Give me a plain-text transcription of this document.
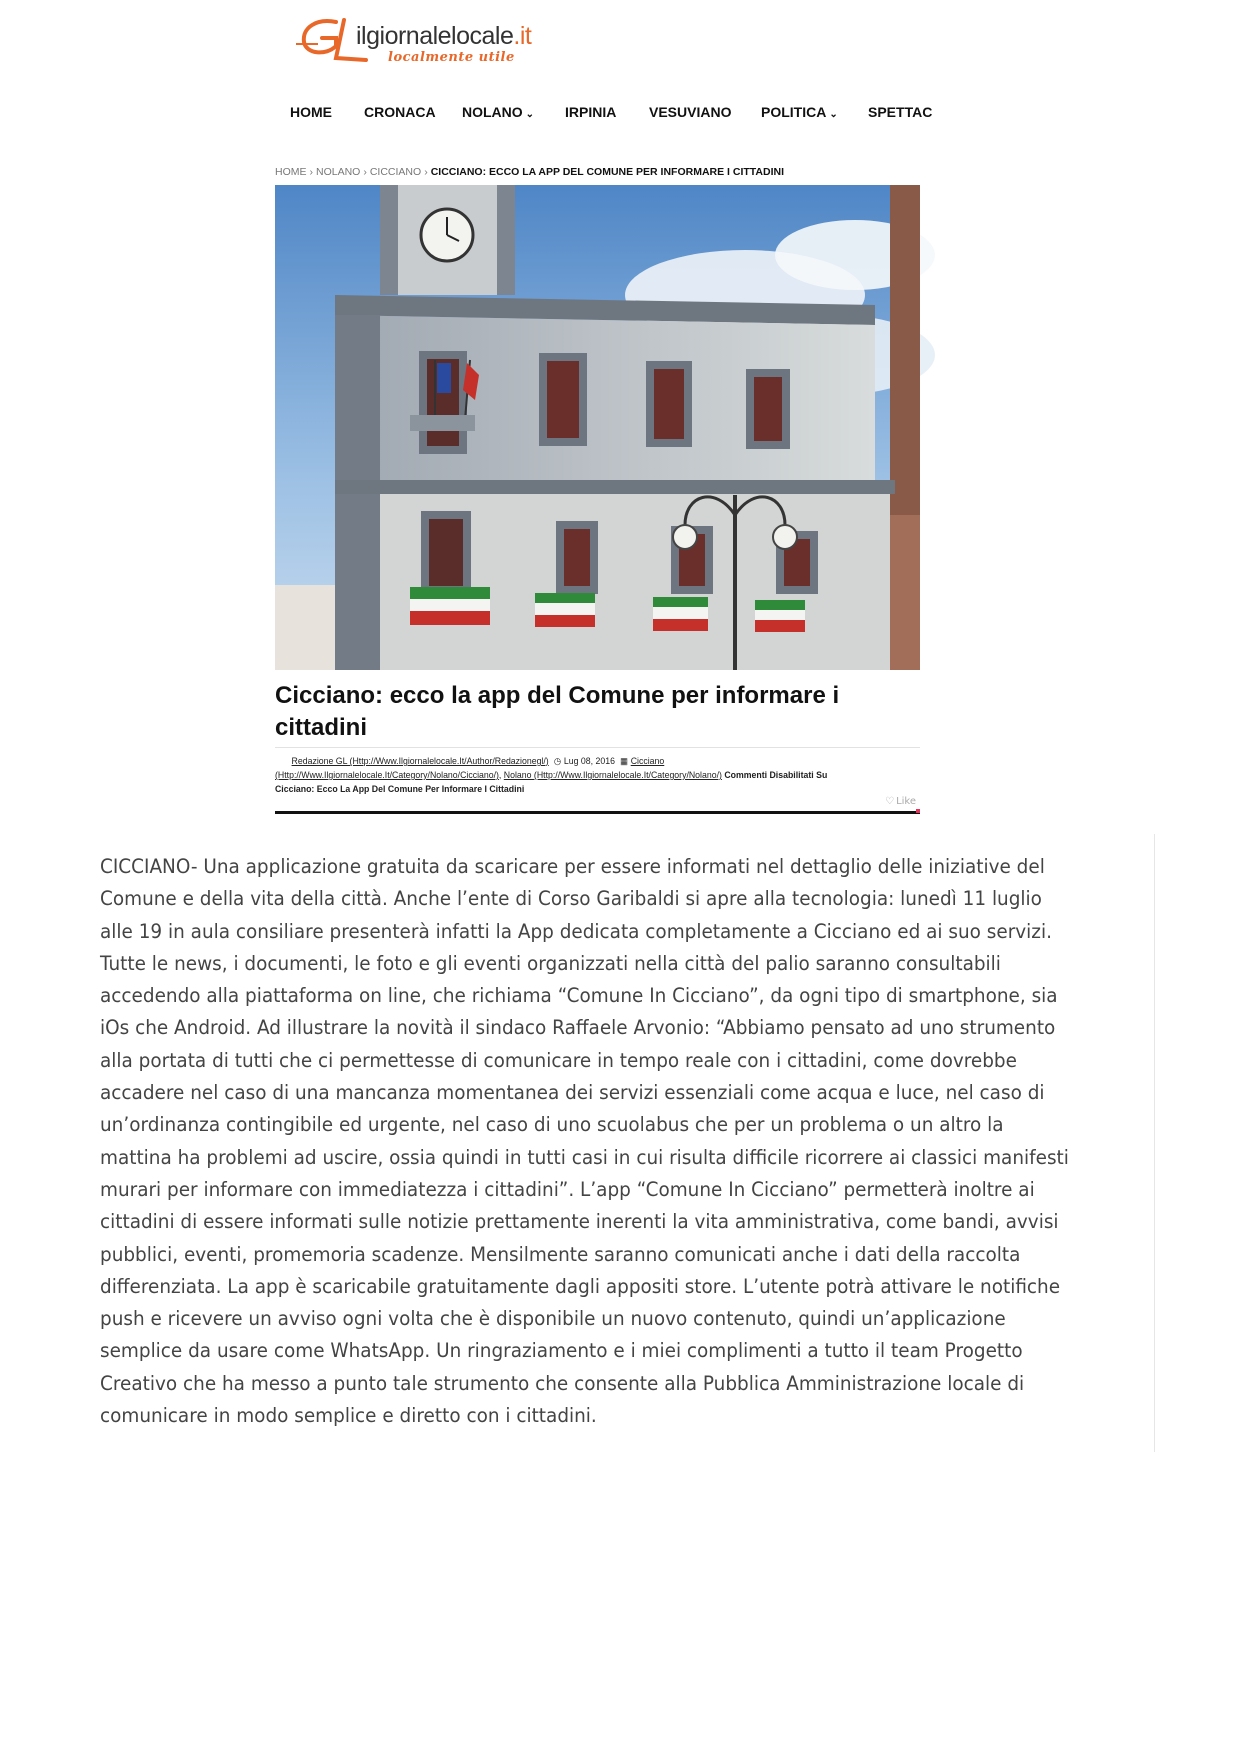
ilgiornalelocale.it
localmente utile
HOME CRONACA NOLANO ⌄ IRPINIA VESUVIANO POLITICA ⌄ SPETTAC
HOME › NOLANO › CICCIANO › CICCIANO: ECCO LA APP DEL COMUNE PER INFORMARE I CITTADINI
Cicciano: ecco la app del Comune per informare i cittadini
Redazione GL (Http://Www.Ilgiornalelocale.It/Author/Redazionegl/) ◷ Lug 08, 2016 ▦ Cicciano (Http://Www.Ilgiornalelocale.It/Category/Nolano/Cicciano/), Nolano (Http://Www.Ilgiornalelocale.It/Category/Nolano/) Commenti Disabilitati Su Cicciano: Ecco La App Del Comune Per Informare I Cittadini
♡ Like

CICCIANO- Una applicazione gratuita da scaricare per essere informati nel dettaglio delle iniziative del Comune e della vita della città. Anche l’ente di Corso Garibaldi si apre alla tecnologia: lunedì 11 luglio alle 19 in aula consiliare presenterà infatti la App dedicata completamente a Cicciano ed ai suo servizi. Tutte le news, i documenti, le foto e gli eventi organizzati nella città del palio saranno consultabili accedendo alla piattaforma on line, che richiama “Comune In Cicciano”, da ogni tipo di smartphone, sia iOs che Android. Ad illustrare la novità il sindaco Raffaele Arvonio: “Abbiamo pensato ad uno strumento alla portata di tutti che ci permettesse di comunicare in tempo reale con i cittadini, come dovrebbe accadere nel caso di una mancanza momentanea dei servizi essenziali come acqua e luce, nel caso di un’ordinanza contingibile ed urgente, nel caso di uno scuolabus che per un problema o un altro la mattina ha problemi ad uscire, ossia quindi in tutti casi in cui risulta difficile ricorrere ai classici manifesti murari per informare con immediatezza i cittadini”. L’app “Comune In Cicciano” permetterà inoltre ai cittadini di essere informati sulle notizie prettamente inerenti la vita amministrativa, come bandi, avvisi pubblici, eventi, promemoria scadenze. Mensilmente saranno comunicati anche i dati della raccolta differenziata. La app è scaricabile gratuitamente dagli appositi store. L’utente potrà attivare le notifiche push e ricevere un avviso ogni volta che è disponibile un nuovo contenuto, quindi un’applicazione semplice da usare come WhatsApp. Un ringraziamento e i miei complimenti a tutto il team Progetto Creativo che ha messo a punto tale strumento che consente alla Pubblica Amministrazione locale di comunicare in modo semplice e diretto con i cittadini.
